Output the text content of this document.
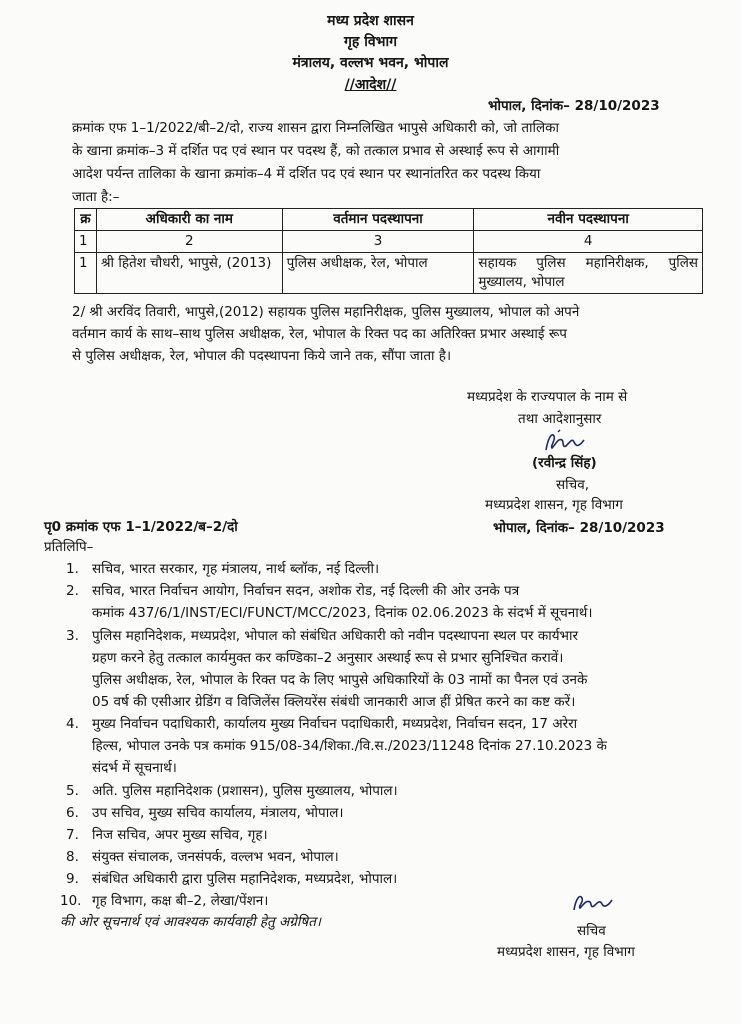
मध्य प्रदेश शासन
गृह विभाग
मंत्रालय, वल्लभ भवन, भोपाल
//आदेश//
भोपाल, दिनांक– 28/10/2023
क्रमांक एफ 1–1/2022/बी–2/दो, राज्य शासन द्वारा निम्नलिखित भापुसे अधिकारी को, जो तालिका
के खाना क्रमांक–3 में दर्शित पद एवं स्थान पर पदस्थ हैं, को तत्काल प्रभाव से अस्थाई रूप से आगामी
आदेश पर्यन्त तालिका के खाना क्रमांक–4 में दर्शित पद एवं स्थान पर स्थानांतरित कर पदस्थ किया
जाता है:–
क्र	अधिकारी का नाम	वर्तमान पदस्थापना	नवीन पदस्थापना
1	2	3	4
1	श्री हितेश चौधरी, भापुसे, (2013)	पुलिस अधीक्षक, रेल, भोपाल	सहायक पुलिस महानिरीक्षक, पुलिस मुख्यालय, भोपाल
2/ श्री अरविंद तिवारी, भापुसे,(2012) सहायक पुलिस महानिरीक्षक, पुलिस मुख्यालय, भोपाल को अपने
वर्तमान कार्य के साथ–साथ पुलिस अधीक्षक, रेल, भोपाल के रिक्त पद का अतिरिक्त प्रभार अस्थाई रूप
से पुलिस अधीक्षक, रेल, भोपाल की पदस्थापना किये जाने तक, सौंपा जाता है।
मध्यप्रदेश के राज्यपाल के नाम से
तथा आदेशानुसार
(रवीन्द्र सिंह)
सचिव,
मध्यप्रदेश शासन, गृह विभाग
पृ0 क्रमांक एफ 1–1/2022/ब–2/दो	भोपाल, दिनांक– 28/10/2023
प्रतिलिपि–
1. सचिव, भारत सरकार, गृह मंत्रालय, नार्थ ब्लॉक, नई दिल्ली।
2. सचिव, भारत निर्वाचन आयोग, निर्वाचन सदन, अशोक रोड, नई दिल्ली की ओर उनके पत्र
कमांक 437/6/1/INST/ECI/FUNCT/MCC/2023, दिनांक 02.06.2023 के संदर्भ में सूचनार्थ।
3. पुलिस महानिदेशक, मध्यप्रदेश, भोपाल को संबंधित अधिकारी को नवीन पदस्थापना स्थल पर कार्यभार
ग्रहण करने हेतु तत्काल कार्यमुक्त कर कण्डिका–2 अनुसार अस्थाई रूप से प्रभार सुनिश्चित करावें।
पुलिस अधीक्षक, रेल, भोपाल के रिक्त पद के लिए भापुसे अधिकारियों के 03 नामों का पैनल एवं उनके
05 वर्ष की एसीआर ग्रेडिंग व विजिलेंस क्लियरेंस संबंधी जानकारी आज हीं प्रेषित करने का कष्ट करें।
4. मुख्य निर्वाचन पदाधिकारी, कार्यालय मुख्य निर्वाचन पदाधिकारी, मध्यप्रदेश, निर्वाचन सदन, 17 अरेरा
हिल्स, भोपाल उनके पत्र कमांक 915/08-34/शिका./वि.स./2023/11248 दिनांक 27.10.2023 के
संदर्भ में सूचनार्थ।
5. अति. पुलिस महानिदेशक (प्रशासन), पुलिस मुख्यालय, भोपाल।
6. उप सचिव, मुख्य सचिव कार्यालय, मंत्रालय, भोपाल।
7. निज सचिव, अपर मुख्य सचिव, गृह।
8. संयुक्त संचालक, जनसंपर्क, वल्लभ भवन, भोपाल।
9. संबंधित अधिकारी द्वारा पुलिस महानिदेशक, मध्यप्रदेश, भोपाल।
10. गृह विभाग, कक्ष बी–2, लेखा/पेंशन।
की ओर सूचनार्थ एवं आवश्यक कार्यवाही हेतु अग्रेषित।
सचिव
मध्यप्रदेश शासन, गृह विभाग
